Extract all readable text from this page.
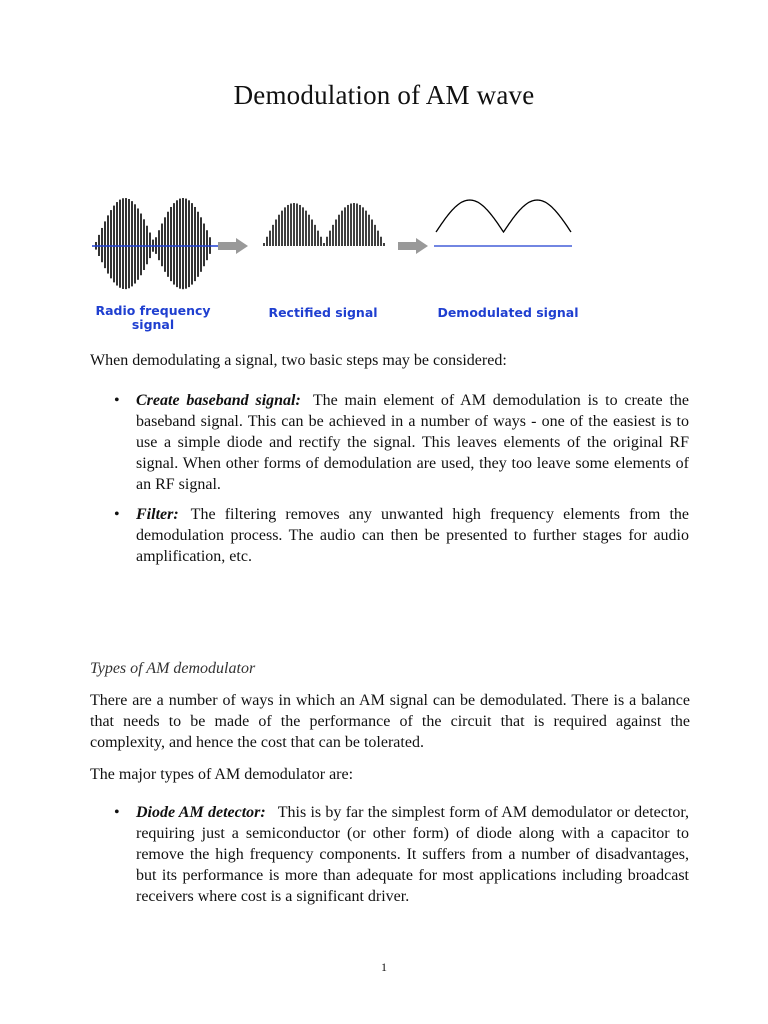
Demodulation of AM wave
Radio frequency signal
Rectified signal	Demodulated signal
When demodulating a signal, two basic steps may be considered:
• Create baseband signal: The main element of AM demodulation is to create the baseband signal. This can be achieved in a number of ways - one of the easiest is to use a simple diode and rectify the signal. This leaves elements of the original RF signal. When other forms of demodulation are used, they too leave some elements of an RF signal.
• Filter: The filtering removes any unwanted high frequency elements from the demodulation process. The audio can then be presented to further stages for audio amplification, etc.
Types of AM demodulator
There are a number of ways in which an AM signal can be demodulated. There is a balance that needs to be made of the performance of the circuit that is required against the complexity, and hence the cost that can be tolerated.
The major types of AM demodulator are:
• Diode AM detector: This is by far the simplest form of AM demodulator or detector, requiring just a semiconductor (or other form) of diode along with a capacitor to remove the high frequency components. It suffers from a number of disadvantages, but its performance is more than adequate for most applications including broadcast receivers where cost is a significant driver.
1
